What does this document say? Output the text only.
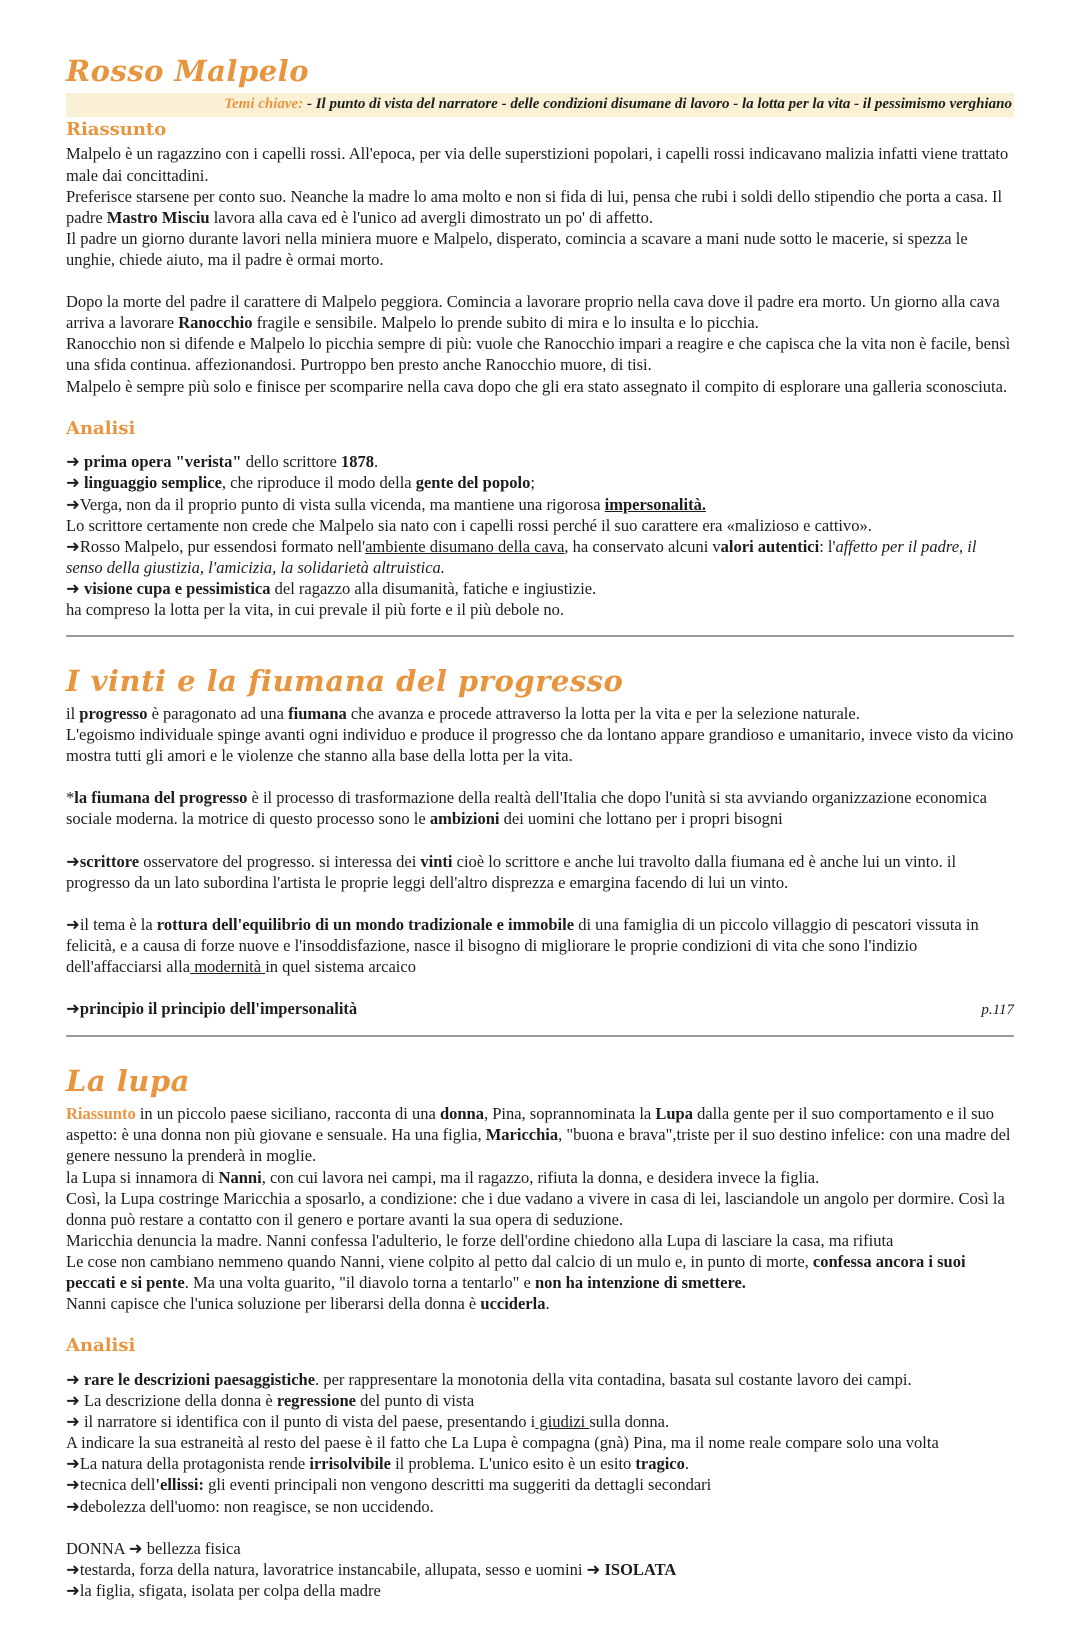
Rosso Malpelo
Temi chiave: - Il punto di vista del narratore - delle condizioni disumane di lavoro - la lotta per la vita - il pessimismo verghiano
Riassunto

Malpelo è un ragazzino con i capelli rossi. All'epoca, per via delle superstizioni popolari, i capelli rossi indicavano malizia infatti viene trattato male dai concittadini.

Preferisce starsene per conto suo. Neanche la madre lo ama molto e non si fida di lui, pensa che rubi i soldi dello stipendio che porta a casa. Il padre Mastro Misciu lavora alla cava ed è l'unico ad avergli dimostrato un po' di affetto.

Il padre un giorno durante lavori nella miniera muore e Malpelo, disperato, comincia a scavare a mani nude sotto le macerie, si spezza le unghie, chiede aiuto, ma il padre è ormai morto.

Dopo la morte del padre il carattere di Malpelo peggiora. Comincia a lavorare proprio nella cava dove il padre era morto. Un giorno alla cava arriva a lavorare Ranocchio fragile e sensibile. Malpelo lo prende subito di mira e lo insulta e lo picchia.

Ranocchio non si difende e Malpelo lo picchia sempre di più: vuole che Ranocchio impari a reagire e che capisca che la vita non è facile, bensì una sfida continua. affezionandosi. Purtroppo ben presto anche Ranocchio muore, di tisi.

Malpelo è sempre più solo e finisce per scomparire nella cava dopo che gli era stato assegnato il compito di esplorare una galleria sconosciuta.

Analisi

➜ prima opera "verista" dello scrittore 1878.

➜ linguaggio semplice, che riproduce il modo della gente del popolo;

➜Verga, non da il proprio punto di vista sulla vicenda, ma mantiene una rigorosa impersonalità.

Lo scrittore certamente non crede che Malpelo sia nato con i capelli rossi perché il suo carattere era «malizioso e cattivo».

➜Rosso Malpelo, pur essendosi formato nell'ambiente disumano della cava, ha conservato alcuni valori autentici: l'affetto per il padre, il senso della giustizia, l'amicizia, la solidarietà altruistica.

➜ visione cupa e pessimistica del ragazzo alla disumanità, fatiche e ingiustizie.

ha compreso la lotta per la vita, in cui prevale il più forte e il più debole no.

I vinti e la fiumana del progresso

il progresso è paragonato ad una fiumana che avanza e procede attraverso la lotta per la vita e per la selezione naturale.

L'egoismo individuale spinge avanti ogni individuo e produce il progresso che da lontano appare grandioso e umanitario, invece visto da vicino mostra tutti gli amori e le violenze che stanno alla base della lotta per la vita.

*la fiumana del progresso è il processo di trasformazione della realtà dell'Italia che dopo l'unità si sta avviando organizzazione economica sociale moderna. la motrice di questo processo sono le ambizioni dei uomini che lottano per i propri bisogni

➜scrittore osservatore del progresso. si interessa dei vinti cioè lo scrittore e anche lui travolto dalla fiumana ed è anche lui un vinto. il progresso da un lato subordina l'artista le proprie leggi dell'altro disprezza e emargina facendo di lui un vinto.

➜il tema è la rottura dell'equilibrio di un mondo tradizionale e immobile di una famiglia di un piccolo villaggio di pescatori vissuta in felicità, e a causa di forze nuove e l'insoddisfazione, nasce il bisogno di migliorare le proprie condizioni di vita che sono l'indizio dell'affacciarsi alla modernità in quel sistema arcaico

➜principio il principio dell'impersonalità	p.117
La lupa

Riassunto in un piccolo paese siciliano, racconta di una donna, Pina, soprannominata la Lupa dalla gente per il suo comportamento e il suo aspetto: è una donna non più giovane e sensuale. Ha una figlia, Maricchia, "buona e brava",triste per il suo destino infelice: con una madre del genere nessuno la prenderà in moglie.

la Lupa si innamora di Nanni, con cui lavora nei campi, ma il ragazzo, rifiuta la donna, e desidera invece la figlia.

Così, la Lupa costringe Maricchia a sposarlo, a condizione: che i due vadano a vivere in casa di lei, lasciandole un angolo per dormire. Così la donna può restare a contatto con il genero e portare avanti la sua opera di seduzione.

Maricchia denuncia la madre. Nanni confessa l'adulterio, le forze dell'ordine chiedono alla Lupa di lasciare la casa, ma rifiuta

Le cose non cambiano nemmeno quando Nanni, viene colpito al petto dal calcio di un mulo e, in punto di morte, confessa ancora i suoi peccati e si pente. Ma una volta guarito, "il diavolo torna a tentarlo" e non ha intenzione di smettere.

Nanni capisce che l'unica soluzione per liberarsi della donna è ucciderla.

Analisi

➜ rare le descrizioni paesaggistiche. per rappresentare la monotonia della vita contadina, basata sul costante lavoro dei campi.

➜ La descrizione della donna è regressione del punto di vista

➜ il narratore si identifica con il punto di vista del paese, presentando i giudizi sulla donna.

A indicare la sua estraneità al resto del paese è il fatto che La Lupa è compagna (gnà) Pina, ma il nome reale compare solo una volta

➜La natura della protagonista rende irrisolvibile il problema. L'unico esito è un esito tragico.

➜tecnica dell'ellissi: gli eventi principali non vengono descritti ma suggeriti da dettagli secondari

➜debolezza dell'uomo: non reagisce, se non uccidendo.

DONNA ➜ bellezza fisica

➜testarda, forza della natura, lavoratrice instancabile, allupata, sesso e uomini ➜ ISOLATA

➜la figlia, sfigata, isolata per colpa della madre
